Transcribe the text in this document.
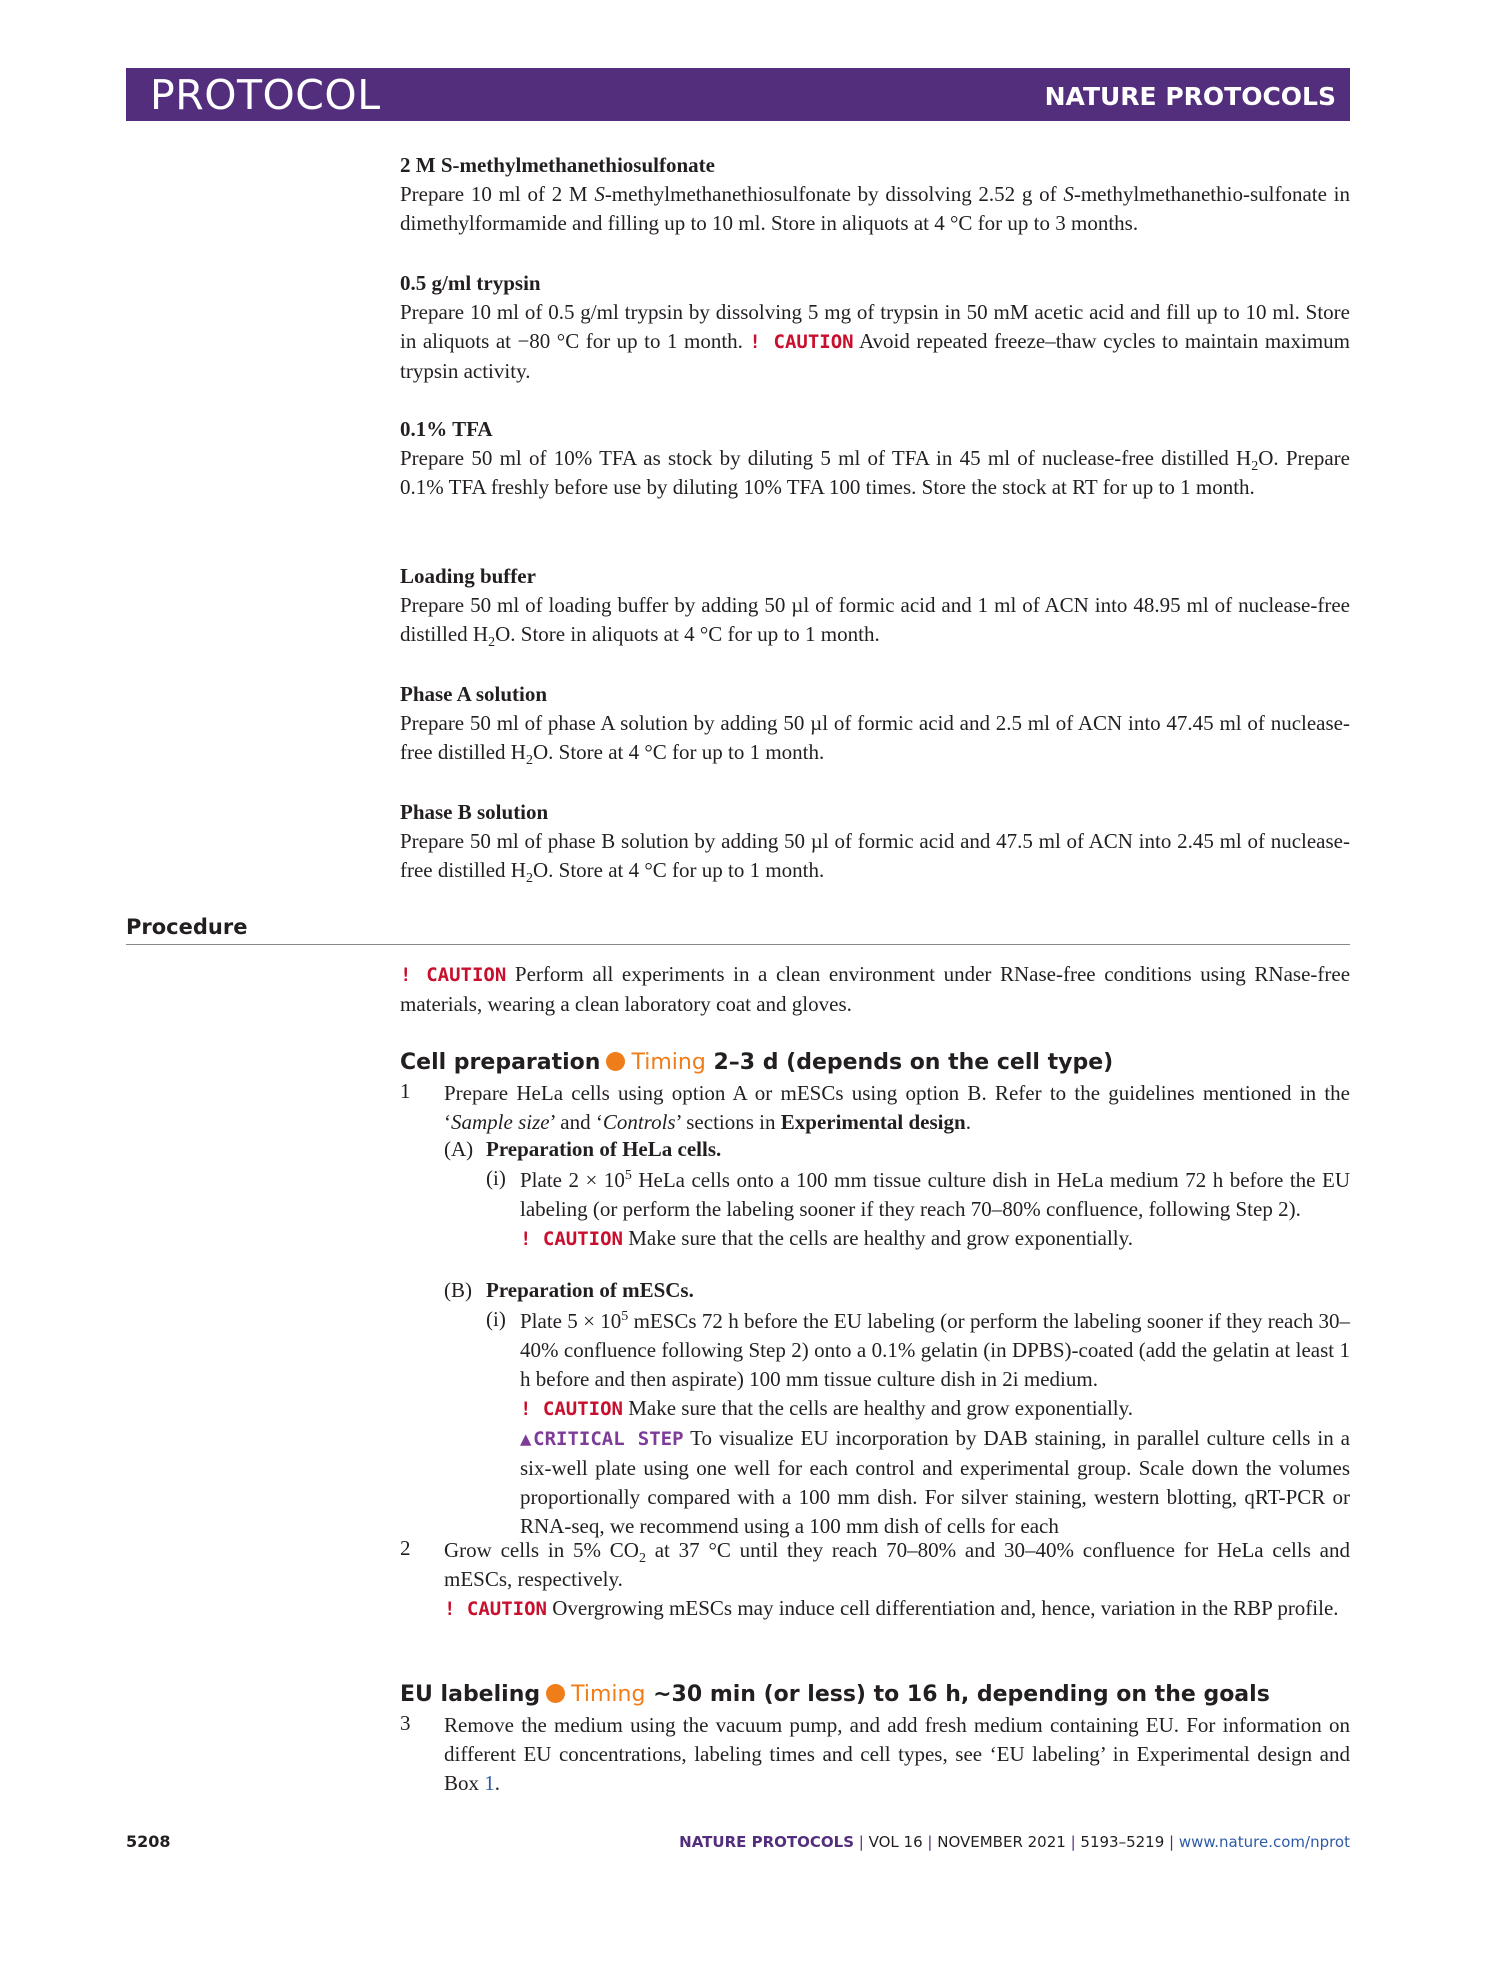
PROTOCOL	NATURE PROTOCOLS
2 M S-methylmethanethiosulfonate
Prepare 10 ml of 2 M S-methylmethanethiosulfonate by dissolving 2.52 g of S-methylmethanethio-sulfonate in dimethylformamide and filling up to 10 ml. Store in aliquots at 4 °C for up to 3 months.
0.5 g/ml trypsin
Prepare 10 ml of 0.5 g/ml trypsin by dissolving 5 mg of trypsin in 50 mM acetic acid and fill up to 10 ml. Store in aliquots at −80 °C for up to 1 month. ! CAUTION Avoid repeated freeze–thaw cycles to maintain maximum trypsin activity.
0.1% TFA
Prepare 50 ml of 10% TFA as stock by diluting 5 ml of TFA in 45 ml of nuclease-free distilled $H_2O$. Prepare 0.1% TFA freshly before use by diluting 10% TFA 100 times. Store the stock at RT for up to 1 month.
Loading buffer
Prepare 50 ml of loading buffer by adding 50 µl of formic acid and 1 ml of ACN into 48.95 ml of nuclease-free distilled $H_2O$. Store in aliquots at 4 °C for up to 1 month.
Phase A solution
Prepare 50 ml of phase A solution by adding 50 µl of formic acid and 2.5 ml of ACN into 47.45 ml of nuclease-free distilled $H_2O$. Store at 4 °C for up to 1 month.
Phase B solution
Prepare 50 ml of phase B solution by adding 50 µl of formic acid and 47.5 ml of ACN into 2.45 ml of nuclease-free distilled $H_2O$. Store at 4 °C for up to 1 month.
Procedure
! CAUTION Perform all experiments in a clean environment under RNase-free conditions using RNase-free materials, wearing a clean laboratory coat and gloves.
Cell preparation Timing 2–3 d (depends on the cell type)
1 Prepare HeLa cells using option A or mESCs using option B. Refer to the guidelines mentioned in the ‘Sample size’ and ‘Controls’ sections in Experimental design.
(A) Preparation of HeLa cells.
(i) Plate $2 \times 10^5$ HeLa cells onto a 100 mm tissue culture dish in HeLa medium 72 h before the EU labeling (or perform the labeling sooner if they reach 70–80% confluence, following Step 2).
! CAUTION Make sure that the cells are healthy and grow exponentially.
(B) Preparation of mESCs.
(i) Plate $5 \times 10^5$ mESCs 72 h before the EU labeling (or perform the labeling sooner if they reach 30–40% confluence following Step 2) onto a 0.1% gelatin (in DPBS)-coated (add the gelatin at least 1 h before and then aspirate) 100 mm tissue culture dish in 2i medium.
! CAUTION Make sure that the cells are healthy and grow exponentially.
▲CRITICAL STEP To visualize EU incorporation by DAB staining, in parallel culture cells in a six-well plate using one well for each control and experimental group. Scale down the volumes proportionally compared with a 100 mm dish. For silver staining, western blotting, qRT-PCR or RNA-seq, we recommend using a 100 mm dish of cells for each
2 Grow cells in 5% $CO_2$ at 37 °C until they reach 70–80% and 30–40% confluence for HeLa cells and mESCs, respectively.
! CAUTION Overgrowing mESCs may induce cell differentiation and, hence, variation in the RBP profile.
EU labeling Timing ~30 min (or less) to 16 h, depending on the goals
3 Remove the medium using the vacuum pump, and add fresh medium containing EU. For information on different EU concentrations, labeling times and cell types, see ‘EU labeling’ in Experimental design and Box 1.
5208	NATURE PROTOCOLS | VOL 16 | NOVEMBER 2021 | 5193–5219 | www.nature.com/nprot
